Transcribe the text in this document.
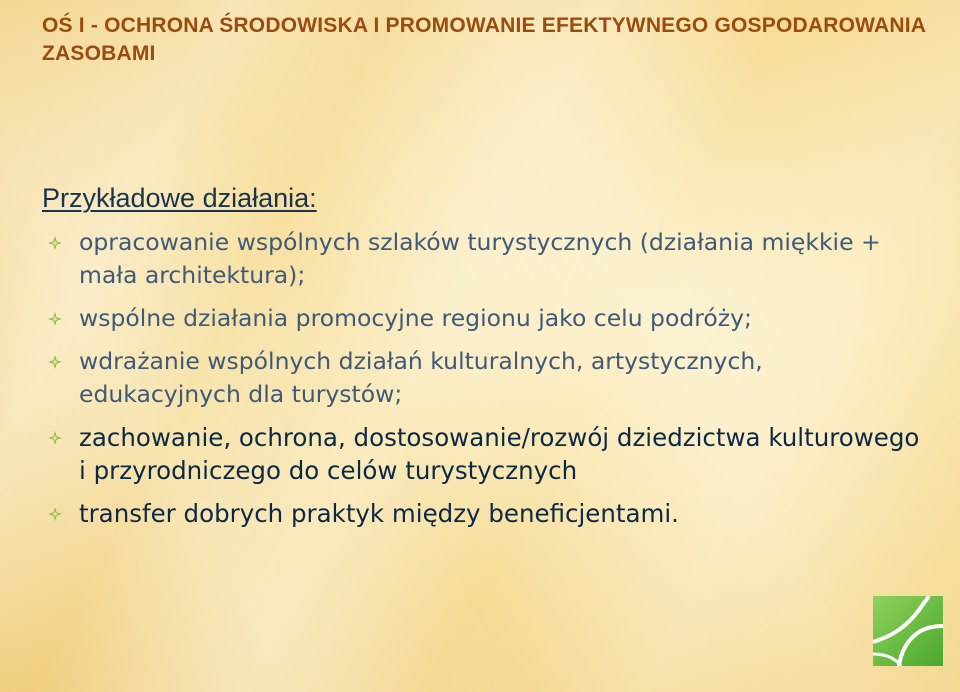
OŚ I - OCHRONA ŚRODOWISKA I PROMOWANIE EFEKTYWNEGO GOSPODAROWANIA
ZASOBAMI
Przykładowe działania:
opracowanie wspólnych szlaków turystycznych (działania miękkie + mała architektura);
wspólne działania promocyjne regionu jako celu podróży;
wdrażanie wspólnych działań kulturalnych, artystycznych, edukacyjnych dla turystów;
zachowanie, ochrona, dostosowanie/rozwój dziedzictwa kulturowego i przyrodniczego do celów turystycznych
transfer dobrych praktyk między beneficjentami.
